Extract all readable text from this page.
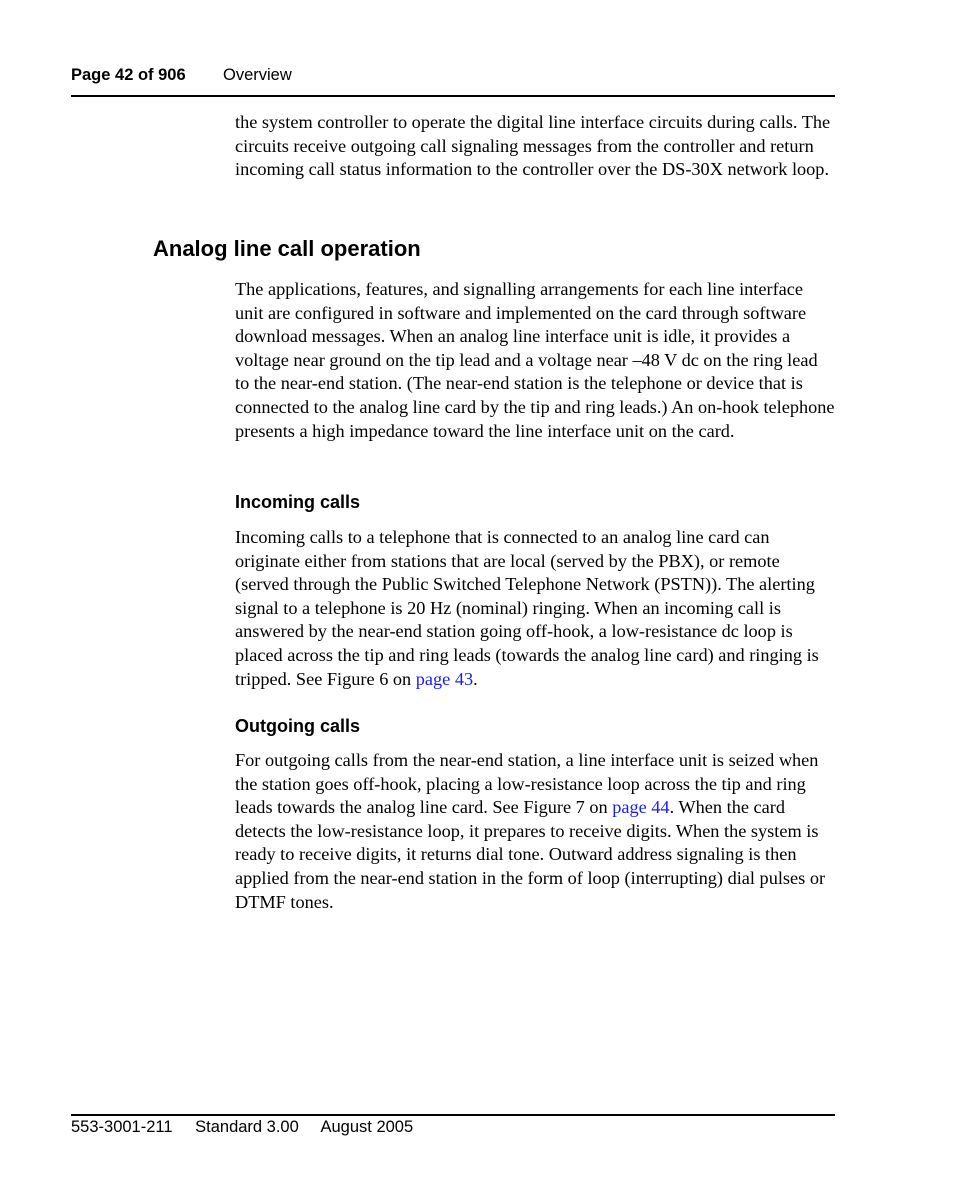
Page 42 of 906 Overview

the system controller to operate the digital line interface circuits during calls. The circuits receive outgoing call signaling messages from the controller and return incoming call status information to the controller over the DS-30X network loop.

Analog line call operation

The applications, features, and signalling arrangements for each line interface unit are configured in software and implemented on the card through software download messages. When an analog line interface unit is idle, it provides a voltage near ground on the tip lead and a voltage near –48 V dc on the ring lead to the near-end station. (The near-end station is the telephone or device that is connected to the analog line card by the tip and ring leads.) An on-hook telephone presents a high impedance toward the line interface unit on the card.

Incoming calls

Incoming calls to a telephone that is connected to an analog line card can originate either from stations that are local (served by the PBX), or remote (served through the Public Switched Telephone Network (PSTN)). The alerting signal to a telephone is 20 Hz (nominal) ringing. When an incoming call is answered by the near-end station going off-hook, a low-resistance dc loop is placed across the tip and ring leads (towards the analog line card) and ringing is tripped. See Figure 6 on page 43.

Outgoing calls

For outgoing calls from the near-end station, a line interface unit is seized when the station goes off-hook, placing a low-resistance loop across the tip and ring leads towards the analog line card. See Figure 7 on page 44. When the card detects the low-resistance loop, it prepares to receive digits. When the system is ready to receive digits, it returns dial tone. Outward address signaling is then applied from the near-end station in the form of loop (interrupting) dial pulses or DTMF tones.

553-3001-211 Standard 3.00 August 2005
